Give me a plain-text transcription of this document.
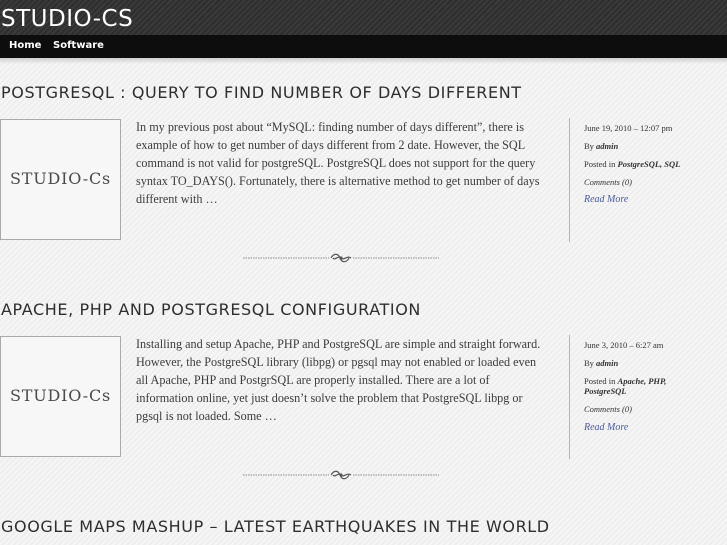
STUDIO-CS
Home Software
POSTGRESQL : QUERY TO FIND NUMBER OF DAYS DIFFERENT
STUDIO-Cs

In my previous post about “MySQL: finding number of days different”, there is example of how to get number of days different from 2 date. However, the SQL command is not valid for postgreSQL. PostgreSQL does not support for the query syntax TO_DAYS(). Fortunately, there is alternative method to get number of days different with …

June 19, 2010 – 12:07 pm
By admin
Posted in PostgreSQL, SQL
Comments (0)
Read More
APACHE, PHP AND POSTGRESQL CONFIGURATION
STUDIO-Cs

Installing and setup Apache, PHP and PostgreSQL are simple and straight forward. However, the PostgreSQL library (libpg) or pgsql may not enabled or loaded even all Apache, PHP and PostgrSQL are properly installed. There are a lot of information online, yet just doesn’t solve the problem that PostgreSQL libpg or pgsql is not loaded. Some …

June 3, 2010 – 6:27 am
By admin
Posted in Apache, PHP,
PostgreSQL
Comments (0)
Read More
GOOGLE MAPS MASHUP – LATEST EARTHQUAKES IN THE WORLD
